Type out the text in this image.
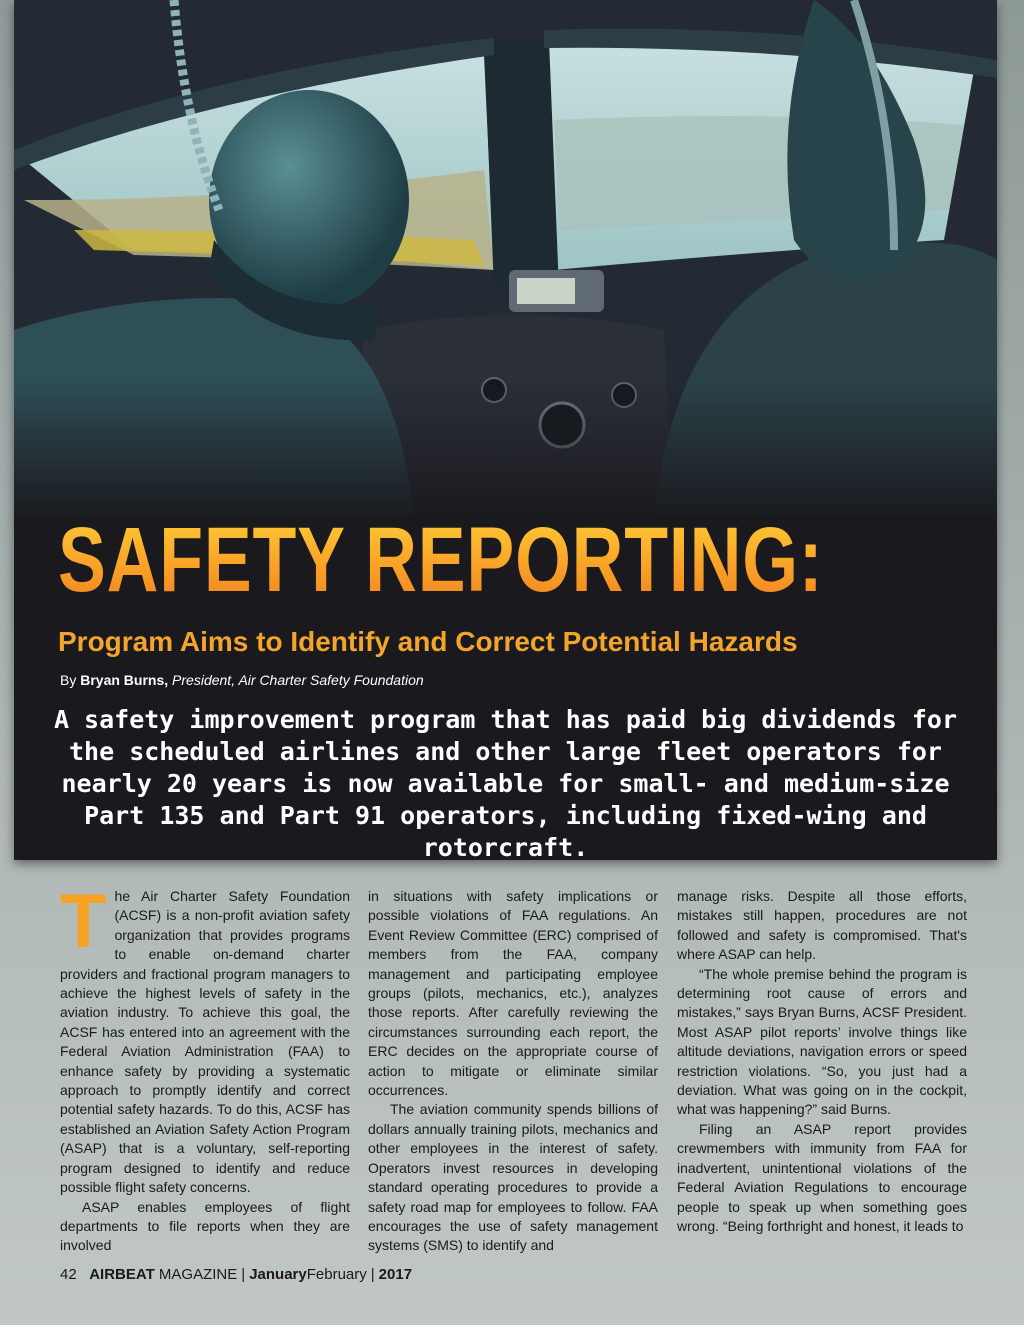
SAFETY REPORTING:
Program Aims to Identify and Correct Potential Hazards

By Bryan Burns, President, Air Charter Safety Foundation

A safety improvement program that has paid big dividends for the scheduled airlines and other large fleet operators for nearly 20 years is now available for small- and medium-size Part 135 and Part 91 operators, including fixed-wing and rotorcraft.

The Air Charter Safety Foundation (ACSF) is a non-profit aviation safety organization that provides programs to enable on-demand charter providers and fractional program managers to achieve the highest levels of safety in the aviation industry. To achieve this goal, the ACSF has entered into an agreement with the Federal Aviation Administration (FAA) to enhance safety by providing a systematic approach to promptly identify and correct potential safety hazards. To do this, ACSF has established an Aviation Safety Action Program (ASAP) that is a voluntary, self-reporting program designed to identify and reduce possible flight safety concerns.

ASAP enables employees of flight departments to file reports when they are involved

in situations with safety implications or possible violations of FAA regulations. An Event Review Committee (ERC) comprised of members from the FAA, company management and participating employee groups (pilots, mechanics, etc.), analyzes those reports. After carefully reviewing the circumstances surrounding each report, the ERC decides on the appropriate course of action to mitigate or eliminate similar occurrences.

The aviation community spends billions of dollars annually training pilots, mechanics and other employees in the interest of safety. Operators invest resources in developing standard operating procedures to provide a safety road map for employees to follow. FAA encourages the use of safety management systems (SMS) to identify and

manage risks. Despite all those efforts, mistakes still happen, procedures are not followed and safety is compromised. That's where ASAP can help.

“The whole premise behind the program is determining root cause of errors and mistakes,” says Bryan Burns, ACSF President. Most ASAP pilot reports’ involve things like altitude deviations, navigation errors or speed restriction violations. “So, you just had a deviation. What was going on in the cockpit, what was happening?” said Burns.

Filing an ASAP report provides crewmembers with immunity from FAA for inadvertent, unintentional violations of the Federal Aviation Regulations to encourage people to speak up when something goes wrong. “Being forthright and honest, it leads to

42 AIRBEAT MAGAZINE | JanuaryFebruary | 2017
